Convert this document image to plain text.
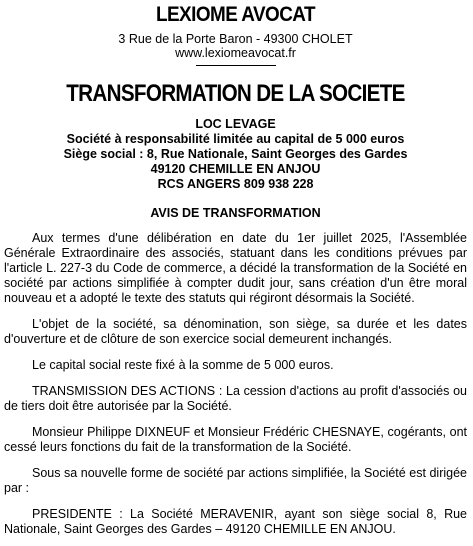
LEXIOME AVOCAT
3 Rue de la Porte Baron - 49300 CHOLET
www.lexiomeavocat.fr
TRANSFORMATION DE LA SOCIETE
LOC LEVAGE
Société à responsabilité limitée au capital de 5 000 euros
Siège social : 8, Rue Nationale, Saint Georges des Gardes
49120 CHEMILLE EN ANJOU
RCS ANGERS 809 938 228
AVIS DE TRANSFORMATION

Aux termes d'une délibération en date du 1er juillet 2025, l'Assemblée Générale Extraordinaire des associés, statuant dans les conditions prévues par l'article L. 227-3 du Code de commerce, a décidé la transformation de la Société en société par actions simplifiée à compter dudit jour, sans création d'un être moral nouveau et a adopté le texte des statuts qui régiront désormais la Société.

L'objet de la société, sa dénomination, son siège, sa durée et les dates d'ouverture et de clôture de son exercice social demeurent inchangés.

Le capital social reste fixé à la somme de 5 000 euros.

TRANSMISSION DES ACTIONS : La cession d'actions au profit d'associés ou de tiers doit être autorisée par la Société.

Monsieur Philippe DIXNEUF et Monsieur Frédéric CHESNAYE, cogérants, ont cessé leurs fonctions du fait de la transformation de la Société.

Sous sa nouvelle forme de société par actions simplifiée, la Société est dirigée par :

PRESIDENTE : La Société MERAVENIR, ayant son siège social 8, Rue Nationale, Saint Georges des Gardes – 49120 CHEMILLE EN ANJOU.
